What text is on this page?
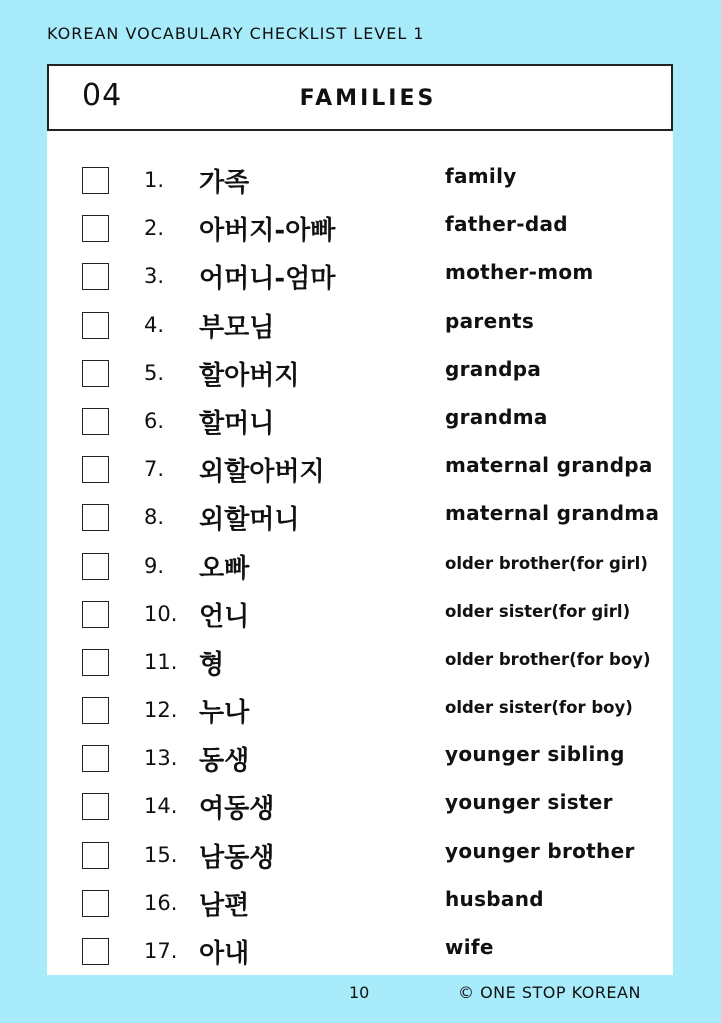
KOREAN VOCABULARY CHECKLIST LEVEL 1
04	FAMILIES
1. 가족	family
2. 아버지-아빠	father-dad
3. 어머니-엄마	mother-mom
4. 부모님	parents
5. 할아버지	grandpa
6. 할머니	grandma
7. 외할아버지	maternal grandpa
8. 외할머니	maternal grandma
9. 오빠	older brother(for girl)
10. 언니	older sister(for girl)
11. 형	older brother(for boy)
12. 누나	older sister(for boy)
13. 동생	younger sibling
14. 여동생	younger sister
15. 남동생	younger brother
16. 남편	husband
17. 아내	wife
10	© ONE STOP KOREAN
